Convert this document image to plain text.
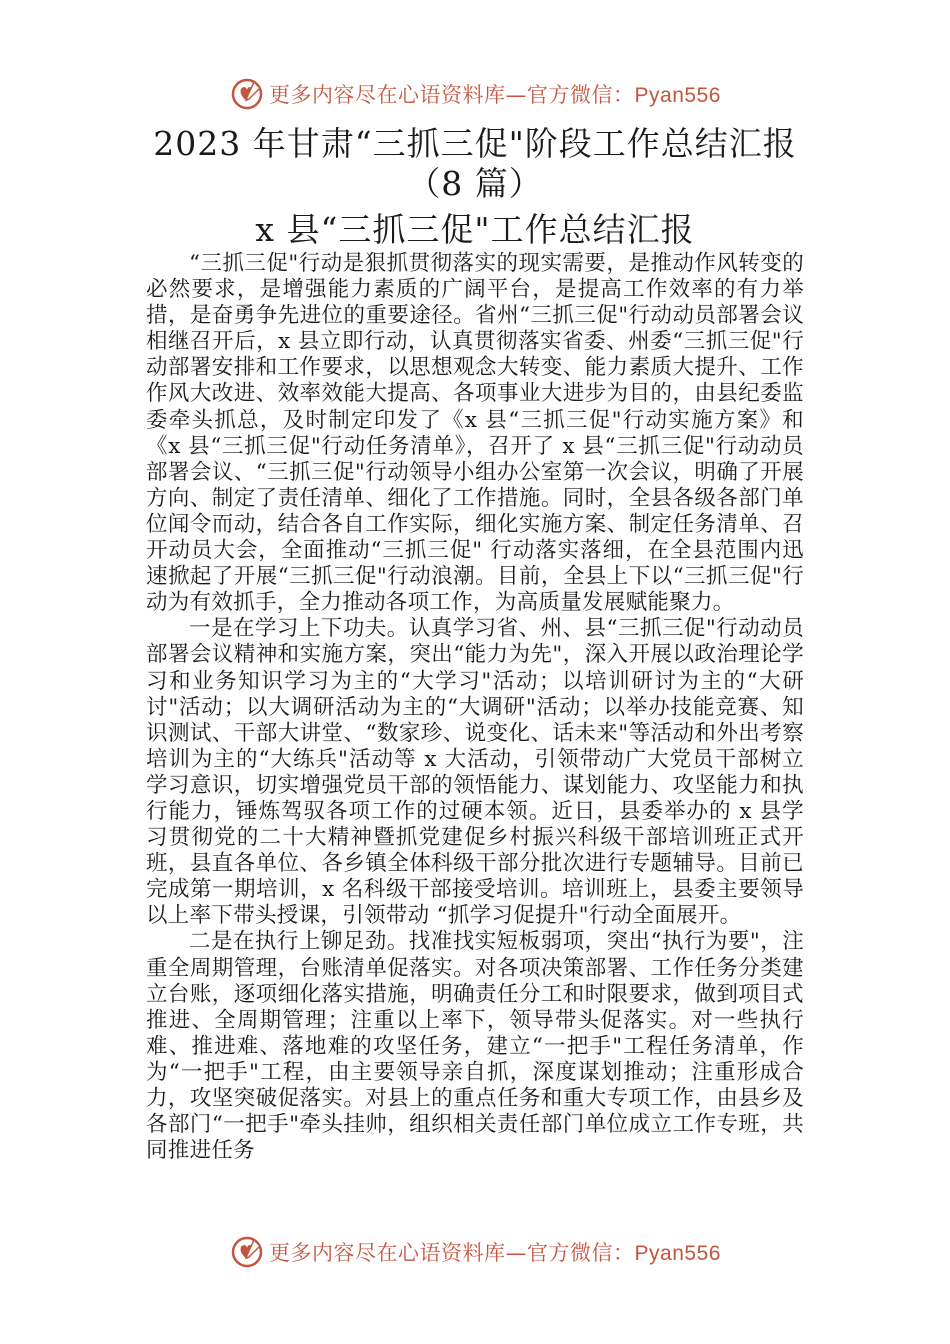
更多内容尽在心语资料库—官方微信：Pyan556
2023 年甘肃“三抓三促"阶段工作总结汇报
（8 篇）
x 县“三抓三促"工作总结汇报

“三抓三促"行动是狠抓贯彻落实的现实需要，是推动作风转变的必然要求，是增强能力素质的广阔平台，是提高工作效率的有力举措，是奋勇争先进位的重要途径。省州“三抓三促"行动动员部署会议相继召开后，x 县立即行动，认真贯彻落实省委、州委“三抓三促"行动部署安排和工作要求，以思想观念大转变、能力素质大提升、工作作风大改进、效率效能大提高、各项事业大进步为目的，由县纪委监委牵头抓总，及时制定印发了《x 县“三抓三促"行动实施方案》和《x 县“三抓三促"行动任务清单》，召开了 x 县“三抓三促"行动动员部署会议、“三抓三促"行动领导小组办公室第一次会议，明确了开展方向、制定了责任清单、细化了工作措施。同时，全县各级各部门单位闻令而动，结合各自工作实际，细化实施方案、制定任务清单、召开动员大会，全面推动“三抓三促" 行动落实落细，在全县范围内迅速掀起了开展“三抓三促"行动浪潮。目前，全县上下以“三抓三促"行动为有效抓手，全力推动各项工作，为高质量发展赋能聚力。

一是在学习上下功夫。认真学习省、州、县“三抓三促"行动动员部署会议精神和实施方案，突出“能力为先"，深入开展以政治理论学习和业务知识学习为主的“大学习"活动；以培训研讨为主的“大研讨"活动；以大调研活动为主的“大调研"活动；以举办技能竞赛、知识测试、干部大讲堂、“数家珍、说变化、话未来"等活动和外出考察培训为主的“大练兵"活动等 x 大活动，引领带动广大党员干部树立学习意识，切实增强党员干部的领悟能力、谋划能力、攻坚能力和执行能力，锤炼驾驭各项工作的过硬本领。近日，县委举办的 x 县学习贯彻党的二十大精神暨抓党建促乡村振兴科级干部培训班正式开班，县直各单位、各乡镇全体科级干部分批次进行专题辅导。目前已完成第一期培训，x 名科级干部接受培训。培训班上，县委主要领导以上率下带头授课，引领带动 “抓学习促提升"行动全面展开。

二是在执行上铆足劲。找准找实短板弱项，突出“执行为要"，注重全周期管理，台账清单促落实。对各项决策部署、工作任务分类建立台账，逐项细化落实措施，明确责任分工和时限要求，做到项目式推进、全周期管理；注重以上率下，领导带头促落实。对一些执行难、推进难、落地难的攻坚任务，建立“一把手"工程任务清单，作为“一把手"工程，由主要领导亲自抓，深度谋划推动；注重形成合力，攻坚突破促落实。对县上的重点任务和重大专项工作，由县乡及各部门“一把手"牵头挂帅，组织相关责任部门单位成立工作专班，共同推进任务

更多内容尽在心语资料库—官方微信：Pyan556
